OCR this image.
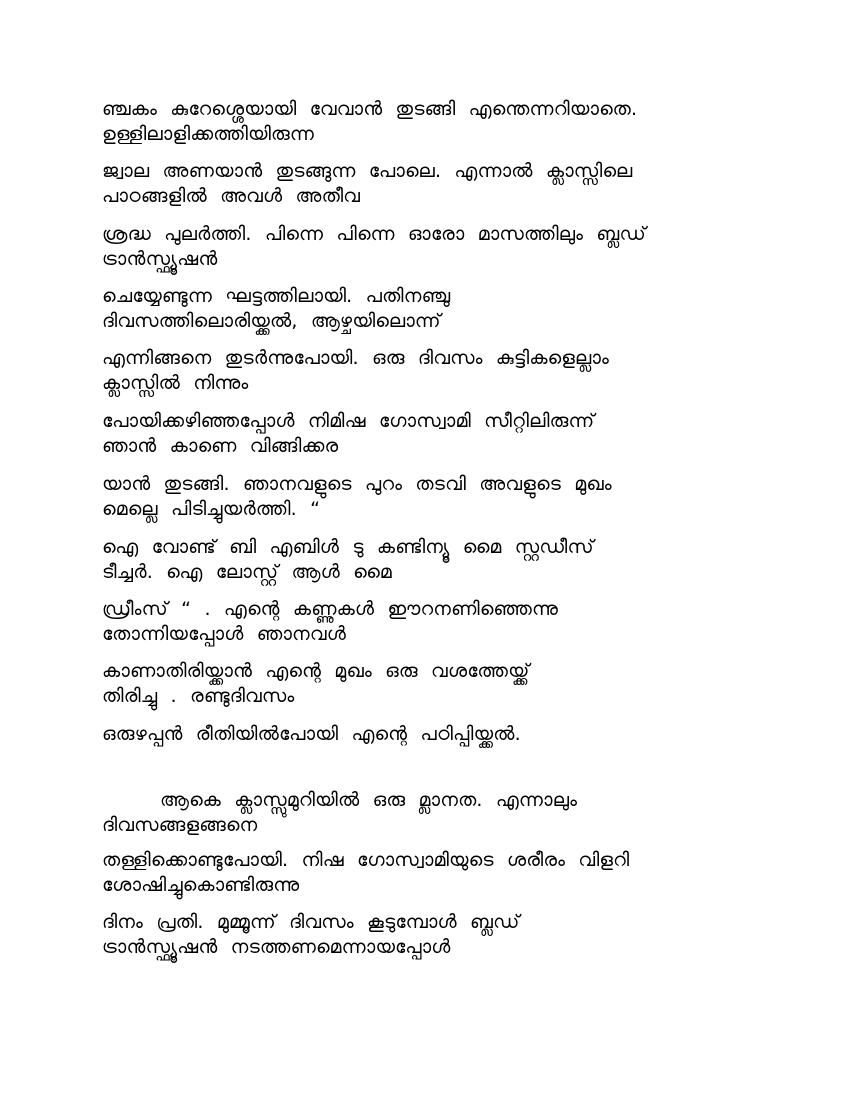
ഞ്ചകം കുറേശ്ശെയായി വേവാൻ തുടങ്ങി എന്തെന്നറിയാതെ.
ഉള്ളിലാളിക്കത്തിയിരുന്ന
ജ്വാല അണയാൻ തുടങ്ങുന്ന പോലെ. എന്നാൽ ക്ലാസ്സിലെ
പാഠങ്ങളിൽ അവൾ അതീവ
ശ്രദ്ധ പുലർത്തി. പിന്നെ പിന്നെ ഓരോ മാസത്തിലും ബ്ലഡ്
ട്രാൻസ്ഫ്യൂഷൻ
ചെയ്യേണ്ടുന്ന ഘട്ടത്തിലായി. പതിനഞ്ചു
ദിവസത്തിലൊരിയ്ക്കൽ, ആഴ്ചയിലൊന്ന്
എന്നിങ്ങനെ തുടർന്നുപോയി. ഒരു ദിവസം കുട്ടികളെല്ലാം
ക്ലാസ്സിൽ നിന്നും
പോയിക്കഴിഞ്ഞപ്പോൾ നിമിഷ ഗോസ്വാമി സീറ്റിലിരുന്ന്
ഞാൻ കാണെ വിങ്ങിക്കര
യാൻ തുടങ്ങി. ഞാനവളുടെ പുറം തടവി അവളുടെ മുഖം
മെല്ലെ പിടിച്ചുയർത്തി. “
ഐ വോണ്ട് ബി എബിൾ ടു കണ്ടിന്യൂ മൈ സ്റ്റഡീസ്
ടീച്ചർ. ഐ ലോസ്റ്റ് ആൾ മൈ
ഡ്രീംസ് “ . എന്റെ കണ്ണുകൾ ഈറനണിഞ്ഞെന്നു
തോന്നിയപ്പോൾ ഞാനവൾ
കാണാതിരിയ്ക്കാൻ എന്റെ മുഖം ഒരു വശത്തേയ്ക്ക്
തിരിച്ചു . രണ്ടുദിവസം
ഒരുഴപ്പൻ രീതിയിൽപോയി എന്റെ പഠിപ്പിയ്ക്കൽ.
ആകെ ക്ലാസ്സുമുറിയിൽ ഒരു മ്ലാനത. എന്നാലും
ദിവസങ്ങളങ്ങനെ
തള്ളിക്കൊണ്ടുപോയി. നിഷ ഗോസ്വാമിയുടെ ശരീരം വിളറി
ശോഷിച്ചുകൊണ്ടിരുന്നു
ദിനം പ്രതി. മുമ്മൂന്ന് ദിവസം കൂടുമ്പോൾ ബ്ലഡ്
ട്രാൻസ്ഫ്യൂഷൻ നടത്തണമെന്നായപ്പോൾ
